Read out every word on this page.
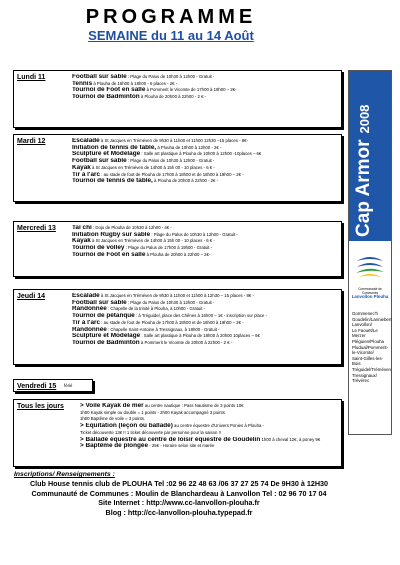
PROGRAMME
SEMAINE du 11 au 14 Août
Lundi 11	Football sur sable : Plage du Palus de 10h30 à 12h00 - Gratuit -
Tennis à Plouha de 16h00 à 18h00 - 6 places - 2€ -
Tournoi de Foot en salle à Pommerit le Vicomte de 17h00 à 19h00 – 2€-
Tournoi de Badminton à Plouha de 20h00 à 22h00 - 2 € -
Mardi 12	Escalade à St Jacques en Tréméven de 9h30 à 11h00 et 11h00 12h30 –15 places - 8€-
Initiation de tennis de table, à Plouha de 10h00 à 12h00 - 2€ -
Sculpture et Modelage : Salle art plastique à Plouha de 10h00 à 12h00 -10places – 6€
Football sur sable : Plage du Palus de 10h30 à 12h00 - Gratuit -
Kayak à St Jacques en Tréméven de 14h00 à 15h 00 - 10 places - 6 € -
Tir à l'arc : au stade de foot de Plouha de 17h00 à 18h00 et de 18h00 à 19h00 – 2€ -
Tournoi de tennis de table, à Plouha de 20h00 à 22h00 - 2€ -
Mercredi 13	Taï chi : Dojo de Plouha de 10h30 à 12h00 - 4€ -
Initiation Rugby sur sable : Plage du Palus de 10h30 à 12h00 - Gratuit -
Kayak à St Jacques en Tréméven de 14h00 à 15h 00 - 10 places - 6 € -
Tournoi de volley : Plage du Palus de 17h00 à 19h00 - Gratuit -
Tournoi de Foot en salle à Plouha de 20h00 à 22h00 – 2€-
Jeudi 14	Escalade à St Jacques en Tréméven de 9h30 à 11h00 et 11h00 à 12h30 – 15 places - 8€ -
Football sur sable : Plage du Palus de 10h30 à 12h00 - Gratuit -
Randonnée : Chapelle de la trinité à Plouha, à 10h00 - Gratuit -
Tournoi de pétanque : à Tréguidel, place des Chênes à 16h00 – 1€ - inscription sur place -
Tir à l'arc : au stade de foot de Plouha de 17h00 à 18h00 et de 18h00 à 19h00 – 2€ -
Randonnée : Chapelle Saint-Antoine à Tressignaux, à 18h00 - Gratuit -
Sculpture et Modelage : Salle art plastique à Plouha de 18h00 à 20h00 10places – 6€
Tournoi de Badminton à Pommerit le Vicomte de 20h00 à 22h00 - 2 € -
Vendredi 15 férié
Tous les jours	> Voile Kayak de mer au centre nautique : Pass Nautisme de 3 points 10€
1h00 Kayak simple ou double = 1 points - 2h00 Kayak accompagné 3 points
1h00 Baptême de voile = 3 points.
> Équitation (leçon ou balladé) au centre équestre d'Univers Ponies à Plouha -
Ticket découverte 13€ !! 1 ticket découverte par personne pour la saison !!
> Balladé équestre au centre de loisir équestre de Goudelin 1h00 à cheval 12€, à poney 9€
> Baptême de plongée - 25€ - Horaire selon site et marée
Inscriptions/ Renseignements :
Club House tennis club de PLOUHA Tel :02 96 22 48 63 /06 37 27 25 74 De 9H30 à 12H30
Communauté de Communes : Moulin de Blanchardeau à Lanvollon Tel : 02 96 70 17 04
Site Internet : http://www.cc-lanvollon-plouha.fr
Blog : http://cc-lanvollon-plouha.typepad.fr
Cap Armor2008
Communauté de Communes
Lanvollon Plouha
Gommenec'h
Goudelin/Lanniebert
Lanvollon/
Le Faouët/Le Merzer
Pléguien/Plouha
Pludual/Pommerit-
le-Vicomte/
Saint-Gilles-les-Bois
Tréguidel/Tréméven
Tressignaux/
Trévérec
